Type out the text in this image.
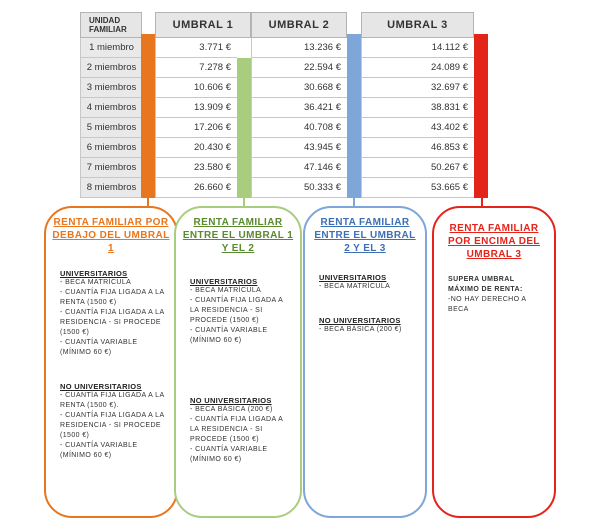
UNIDAD FAMILIAR	UMBRAL 1	UMBRAL 2	UMBRAL 3
1 miembro	3.771 €	13.236 €	14.112 €
2 miembros	7.278 €	22.594 €	24.089 €
3 miembros	10.606 €	30.668 €	32.697 €
4 miembros	13.909 €	36.421 €	38.831 €
5 miembros	17.206 €	40.708 €	43.402 €
6 miembros	20.430 €	43.945 €	46.853 €
7 miembros	23.580 €	47.146 €	50.267 €
8 miembros	26.660 €	50.333 €	53.665 €
RENTA FAMILIAR POR DEBAJO DEL UMBRAL 1
UNIVERSITARIOS
- BECA MATRÍCULA
- CUANTÍA FIJA LIGADA A LA RENTA (1500 €)
- CUANTÍA FIJA LIGADA A LA RESIDENCIA - SI PROCEDE (1500 €)
- CUANTÍA VARIABLE (MÍNIMO 60 €)
NO UNIVERSITARIOS
- CUANTÍA FIJA LIGADA A LA RENTA (1500 €).
- CUANTÍA FIJA LIGADA A LA RESIDENCIA - SI PROCEDE (1500 €)
- CUANTÍA VARIABLE (MÍNIMO 60 €)
RENTA FAMILIAR ENTRE EL UMBRAL 1 Y EL 2
UNIVERSITARIOS
- BECA MATRÍCULA
- CUANTÍA FIJA LIGADA A LA RESIDENCIA - SI PROCEDE (1500 €)
- CUANTÍA VARIABLE (MÍNIMO 60 €)
NO UNIVERSITARIOS
- BECA BÁSICA (200 €)
- CUANTÍA FIJA LIGADA A LA RESIDENCIA - SI PROCEDE (1500 €)
- CUANTÍA VARIABLE (MÍNIMO 60 €)
RENTA FAMILIAR ENTRE EL UMBRAL 2 Y EL 3
UNIVERSITARIOS
- BECA MATRÍCULA
NO UNIVERSITARIOS
- BECA BÁSICA (200 €)
RENTA FAMILIAR POR ENCIMA DEL UMBRAL 3
SUPERA UMBRAL MÁXIMO DE RENTA:
-NO HAY DERECHO A BECA
